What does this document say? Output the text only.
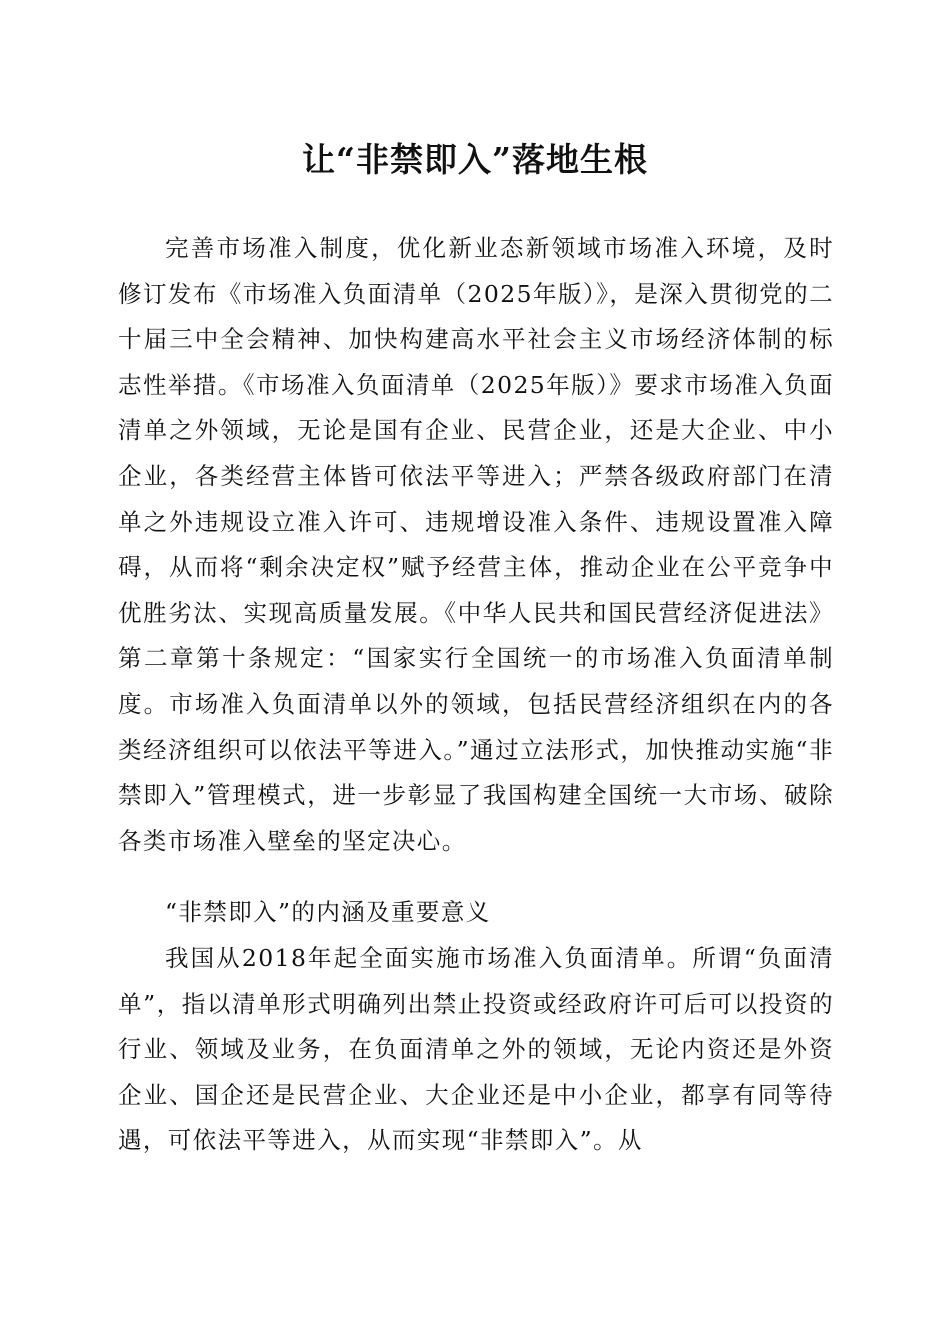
让“非禁即入”落地生根

完善市场准入制度，优化新业态新领域市场准入环境，及时修订发布《市场准入负面清单（2025年版）》，是深入贯彻党的二十届三中全会精神、加快构建高水平社会主义市场经济体制的标志性举措。《市场准入负面清单（2025年版）》要求市场准入负面清单之外领域，无论是国有企业、民营企业，还是大企业、中小企业，各类经营主体皆可依法平等进入；严禁各级政府部门在清单之外违规设立准入许可、违规增设准入条件、违规设置准入障碍，从而将“剩余决定权”赋予经营主体，推动企业在公平竞争中优胜劣汰、实现高质量发展。《中华人民共和国民营经济促进法》第二章第十条规定：“国家实行全国统一的市场准入负面清单制度。市场准入负面清单以外的领域，包括民营经济组织在内的各类经济组织可以依法平等进入。”通过立法形式，加快推动实施“非禁即入”管理模式，进一步彰显了我国构建全国统一大市场、破除各类市场准入壁垒的坚定决心。

“非禁即入”的内涵及重要意义

我国从2018年起全面实施市场准入负面清单。所谓“负面清单”，指以清单形式明确列出禁止投资或经政府许可后可以投资的行业、领域及业务，在负面清单之外的领域，无论内资还是外资企业、国企还是民营企业、大企业还是中小企业，都享有同等待遇，可依法平等进入，从而实现“非禁即入”。从
